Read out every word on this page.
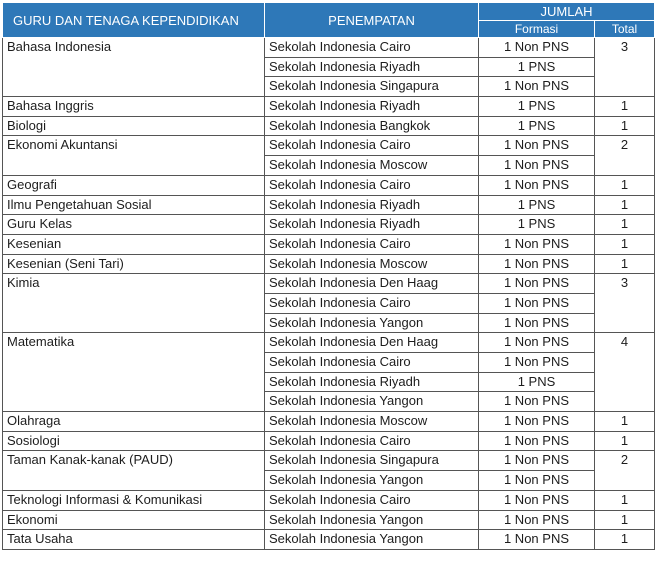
GURU DAN TENAGA KEPENDIDIKAN	PENEMPATAN	JUMLAH	
		Formasi	Total
Bahasa Indonesia	Sekolah Indonesia Cairo	1 Non PNS	3
	Sekolah Indonesia Riyadh	1 PNS	
	Sekolah Indonesia Singapura	1 Non PNS	
Bahasa Inggris	Sekolah Indonesia Riyadh	1 PNS	1
Biologi	Sekolah Indonesia Bangkok	1 PNS	1
Ekonomi Akuntansi	Sekolah Indonesia Cairo	1 Non PNS	2
	Sekolah Indonesia Moscow	1 Non PNS	
Geografi	Sekolah Indonesia Cairo	1 Non PNS	1
Ilmu Pengetahuan Sosial	Sekolah Indonesia Riyadh	1 PNS	1
Guru Kelas	Sekolah Indonesia Riyadh	1 PNS	1
Kesenian	Sekolah Indonesia Cairo	1 Non PNS	1
Kesenian (Seni Tari)	Sekolah Indonesia Moscow	1 Non PNS	1
Kimia	Sekolah Indonesia Den Haag	1 Non PNS	3
	Sekolah Indonesia Cairo	1 Non PNS	
	Sekolah Indonesia Yangon	1 Non PNS	
Matematika	Sekolah Indonesia Den Haag	1 Non PNS	4
	Sekolah Indonesia Cairo	1 Non PNS	
	Sekolah Indonesia Riyadh	1 PNS	
	Sekolah Indonesia Yangon	1 Non PNS	
Olahraga	Sekolah Indonesia Moscow	1 Non PNS	1
Sosiologi	Sekolah Indonesia Cairo	1 Non PNS	1
Taman Kanak-kanak (PAUD)	Sekolah Indonesia Singapura	1 Non PNS	2
	Sekolah Indonesia Yangon	1 Non PNS	
Teknologi Informasi & Komunikasi	Sekolah Indonesia Cairo	1 Non PNS	1
Ekonomi	Sekolah Indonesia Yangon	1 Non PNS	1
Tata Usaha	Sekolah Indonesia Yangon	1 Non PNS	1
